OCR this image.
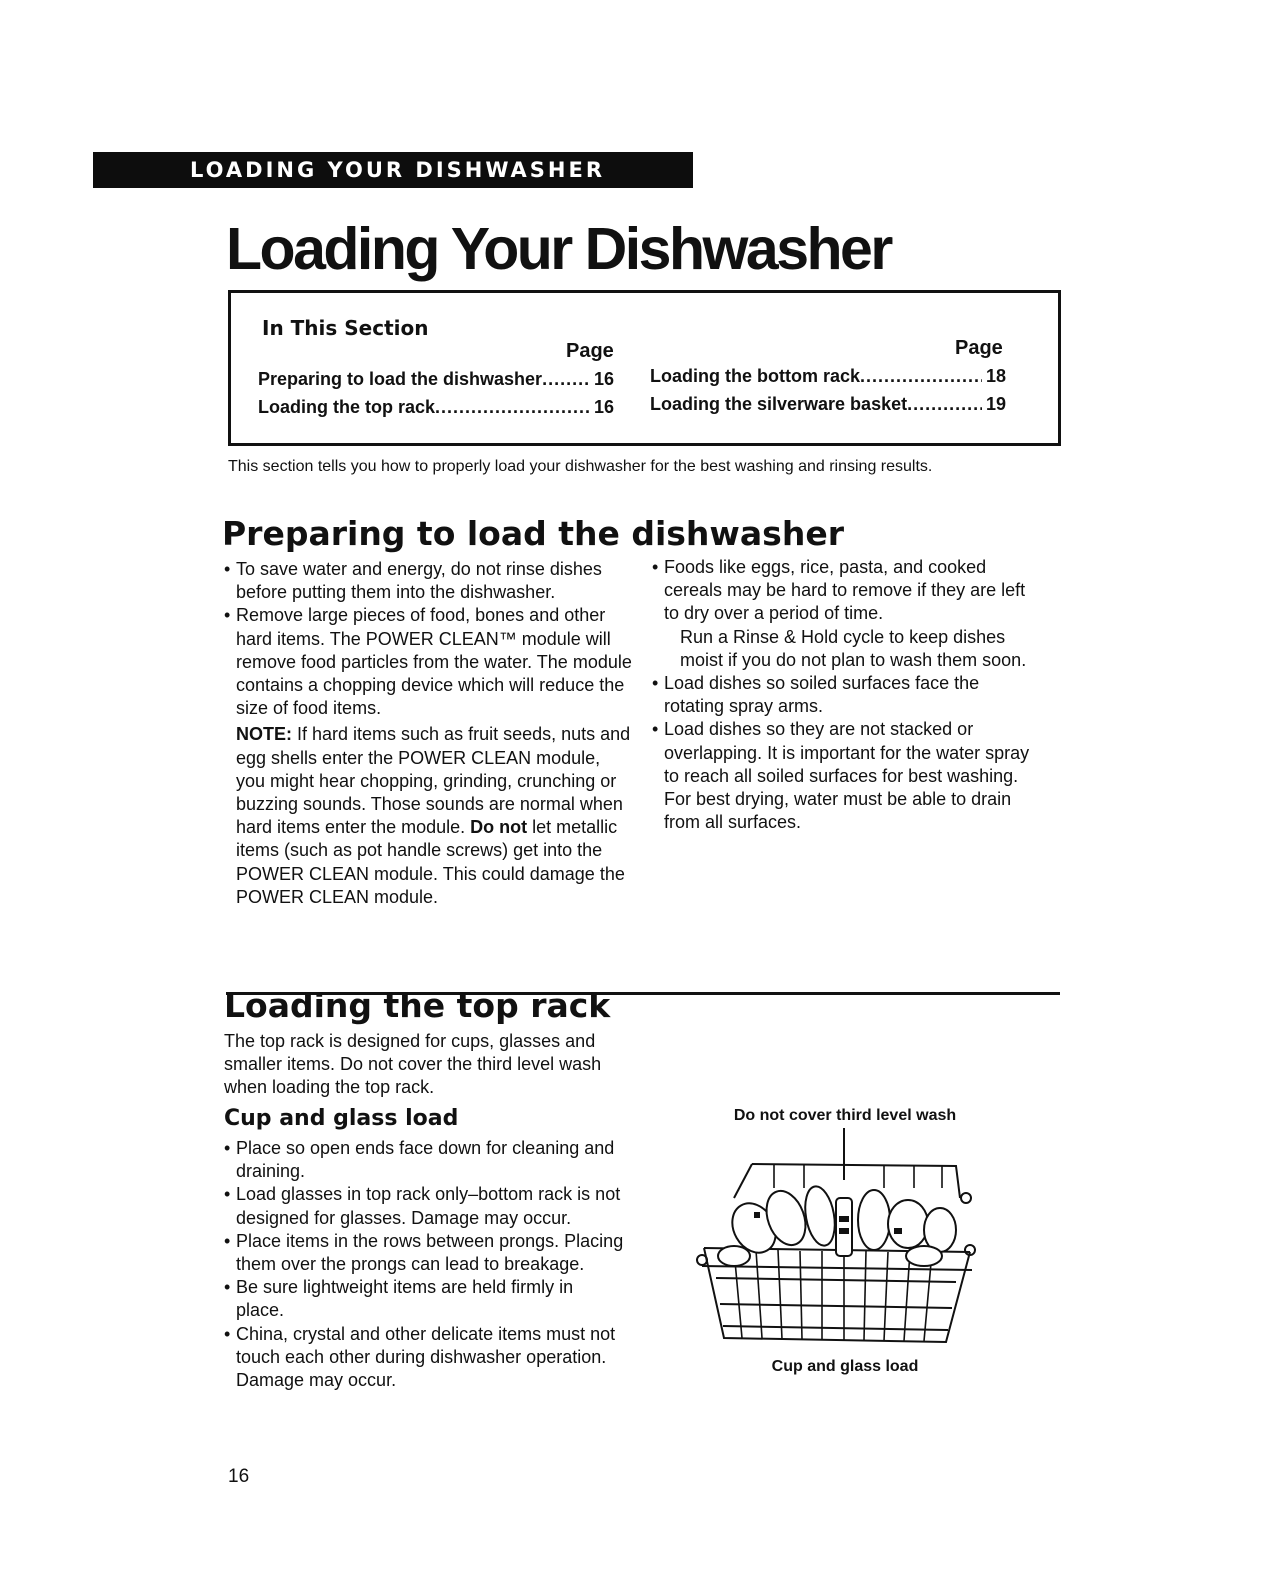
LOADING YOUR DISHWASHER
Loading Your Dishwasher
In This Section
Page	Page
Preparing to load the dishwasher .....	16
Loading the top rack .....	16
Loading the bottom rack .....	18
Loading the silverware basket .....	19
This section tells you how to properly load your dishwasher for the best washing and rinsing results.
Preparing to load the dishwasher
• To save water and energy, do not rinse dishes before putting them into the dishwasher.
• Remove large pieces of food, bones and other hard items. The POWER CLEAN™ module will remove food particles from the water. The module contains a chopping device which will reduce the size of food items.

NOTE: If hard items such as fruit seeds, nuts and egg shells enter the POWER CLEAN module, you might hear chopping, grinding, crunching or buzzing sounds. Those sounds are normal when hard items enter the module. Do not let metallic items (such as pot handle screws) get into the POWER CLEAN module. This could damage the POWER CLEAN module.

• Foods like eggs, rice, pasta, and cooked cereals may be hard to remove if they are left to dry over a period of time.

Run a Rinse & Hold cycle to keep dishes moist if you do not plan to wash them soon.

• Load dishes so soiled surfaces face the rotating spray arms.
• Load dishes so they are not stacked or overlapping. It is important for the water spray to reach all soiled surfaces for best washing. For best drying, water must be able to drain from all surfaces.
Loading the top rack
The top rack is designed for cups, glasses and smaller items. Do not cover the third level wash when loading the top rack.
Cup and glass load
• Place so open ends face down for cleaning and draining.
• Load glasses in top rack only–bottom rack is not designed for glasses. Damage may occur.
• Place items in the rows between prongs. Placing them over the prongs can lead to breakage.
• Be sure lightweight items are held firmly in place.
• China, crystal and other delicate items must not touch each other during dishwasher operation. Damage may occur.
Do not cover third level wash
Cup and glass load
16
